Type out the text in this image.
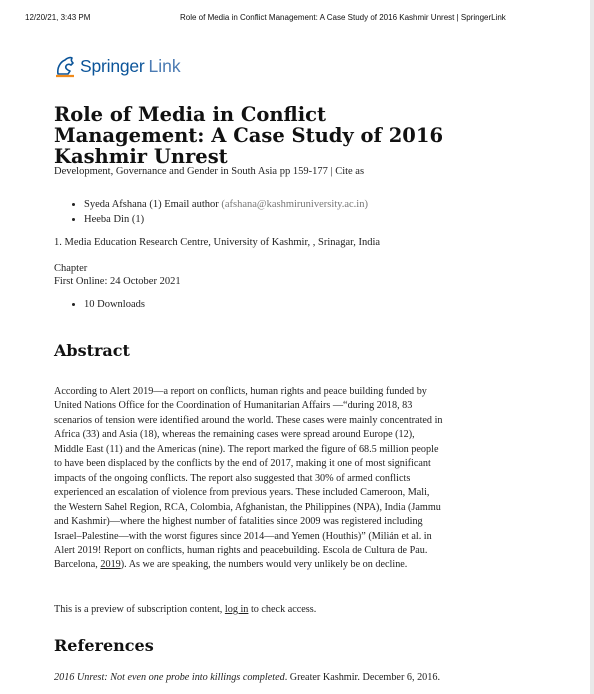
12/20/21, 3:43 PM	Role of Media in Conflict Management: A Case Study of 2016 Kashmir Unrest | SpringerLink
Springer Link
Role of Media in Conflict Management: A Case Study of 2016 Kashmir Unrest
Development, Governance and Gender in South Asia pp 159-177 | Cite as
• Syeda Afshana (1) Email author (afshana@kashmiruniversity.ac.in)
• Heeba Din (1)
1. Media Education Research Centre, University of Kashmir, , Srinagar, India
Chapter
First Online: 24 October 2021
• 10 Downloads
Abstract

According to Alert 2019—a report on conflicts, human rights and peace building funded by United Nations Office for the Coordination of Humanitarian Affairs —“during 2018, 83 scenarios of tension were identified around the world. These cases were mainly concentrated in Africa (33) and Asia (18), whereas the remaining cases were spread around Europe (12), Middle East (11) and the Americas (nine). The report marked the figure of 68.5 million people to have been displaced by the conflicts by the end of 2017, making it one of most significant impacts of the ongoing conflicts. The report also suggested that 30% of armed conflicts experienced an escalation of violence from previous years. These included Cameroon, Mali, the Western Sahel Region, RCA, Colombia, Afghanistan, the Philippines (NPA), India (Jammu and Kashmir)—where the highest number of fatalities since 2009 was registered including Israel–Palestine—with the worst figures since 2014—and Yemen (Houthis)” (Milián et al. in Alert 2019! Report on conflicts, human rights and peacebuilding. Escola de Cultura de Pau. Barcelona, 2019). As we are speaking, the numbers would very unlikely be on decline.

This is a preview of subscription content, log in to check access.
References
2016 Unrest: Not even one probe into killings completed. Greater Kashmir. December 6, 2016.
